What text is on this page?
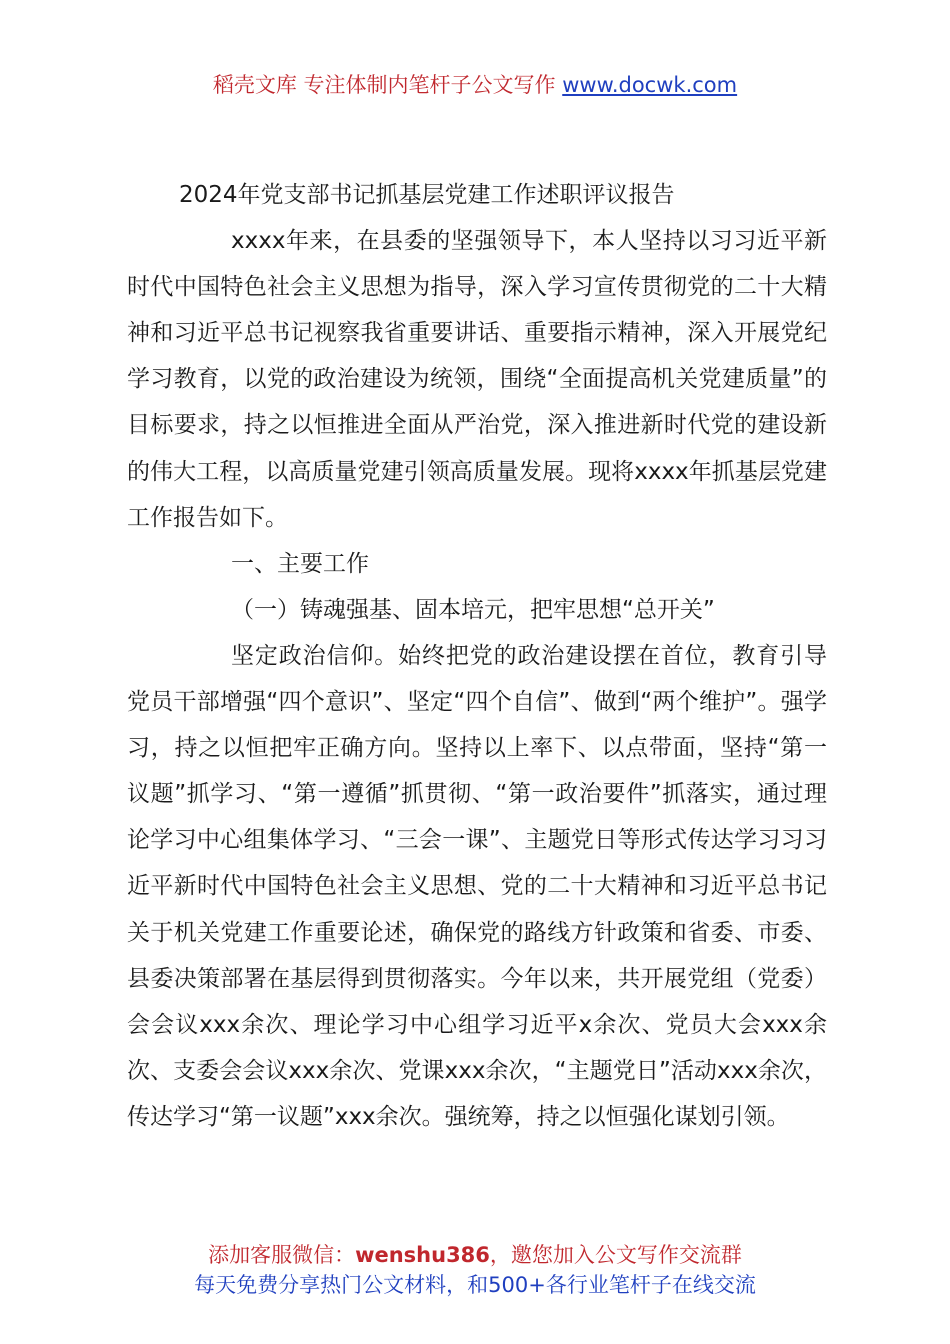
稻壳文库 专注体制内笔杆子公文写作 www.docwk.com

2024年党支部书记抓基层党建工作述职评议报告

xxxx年来，在县委的坚强领导下，本人坚持以习习近平新时代中国特色社会主义思想为指导，深入学习宣传贯彻党的二十大精神和习近平总书记视察我省重要讲话、重要指示精神，深入开展党纪学习教育，以党的政治建设为统领，围绕“全面提高机关党建质量”的目标要求，持之以恒推进全面从严治党，深入推进新时代党的建设新的伟大工程，以高质量党建引领高质量发展。现将xxxx年抓基层党建工作报告如下。

一、主要工作

（一）铸魂强基、固本培元，把牢思想“总开关”

坚定政治信仰。始终把党的政治建设摆在首位，教育引导党员干部增强“四个意识”、坚定“四个自信”、做到“两个维护”。强学习，持之以恒把牢正确方向。坚持以上率下、以点带面，坚持“第一议题”抓学习、“第一遵循”抓贯彻、“第一政治要件”抓落实，通过理论学习中心组集体学习、“三会一课”、主题党日等形式传达学习习习近平新时代中国特色社会主义思想、党的二十大精神和习近平总书记关于机关党建工作重要论述，确保党的路线方针政策和省委、市委、县委决策部署在基层得到贯彻落实。今年以来，共开展党组（党委）会会议xxx余次、理论学习中心组学习近平x余次、党员大会xxx余次、支委会会议xxx余次、党课xxx余次，“主题党日”活动xxx余次，传达学习“第一议题”xxx余次。强统筹，持之以恒强化谋划引领。

添加客服微信：wenshu386，邀您加入公文写作交流群
每天免费分享热门公文材料，和500+各行业笔杆子在线交流
